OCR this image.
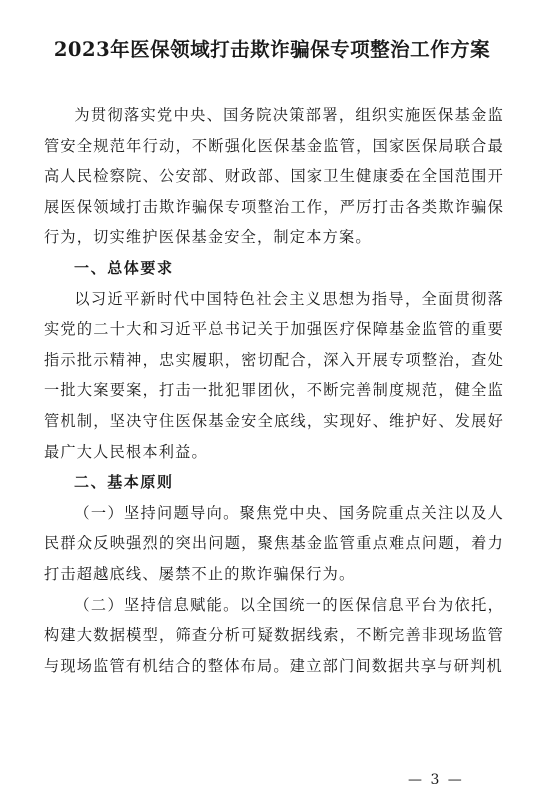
2023年医保领域打击欺诈骗保专项整治工作方案

为贯彻落实党中央、国务院决策部署，组织实施医保基金监管安全规范年行动，不断强化医保基金监管，国家医保局联合最高人民检察院、公安部、财政部、国家卫生健康委在全国范围开展医保领域打击欺诈骗保专项整治工作，严厉打击各类欺诈骗保行为，切实维护医保基金安全，制定本方案。

一、总体要求

以习近平新时代中国特色社会主义思想为指导，全面贯彻落实党的二十大和习近平总书记关于加强医疗保障基金监管的重要指示批示精神，忠实履职，密切配合，深入开展专项整治，查处一批大案要案，打击一批犯罪团伙，不断完善制度规范，健全监管机制，坚决守住医保基金安全底线，实现好、维护好、发展好最广大人民根本利益。

二、基本原则

（一）坚持问题导向。聚焦党中央、国务院重点关注以及人民群众反映强烈的突出问题，聚焦基金监管重点难点问题，着力打击超越底线、屡禁不止的欺诈骗保行为。

（二）坚持信息赋能。以全国统一的医保信息平台为依托，构建大数据模型，筛查分析可疑数据线索，不断完善非现场监管与现场监管有机结合的整体布局。建立部门间数据共享与研判机

— 3 —
